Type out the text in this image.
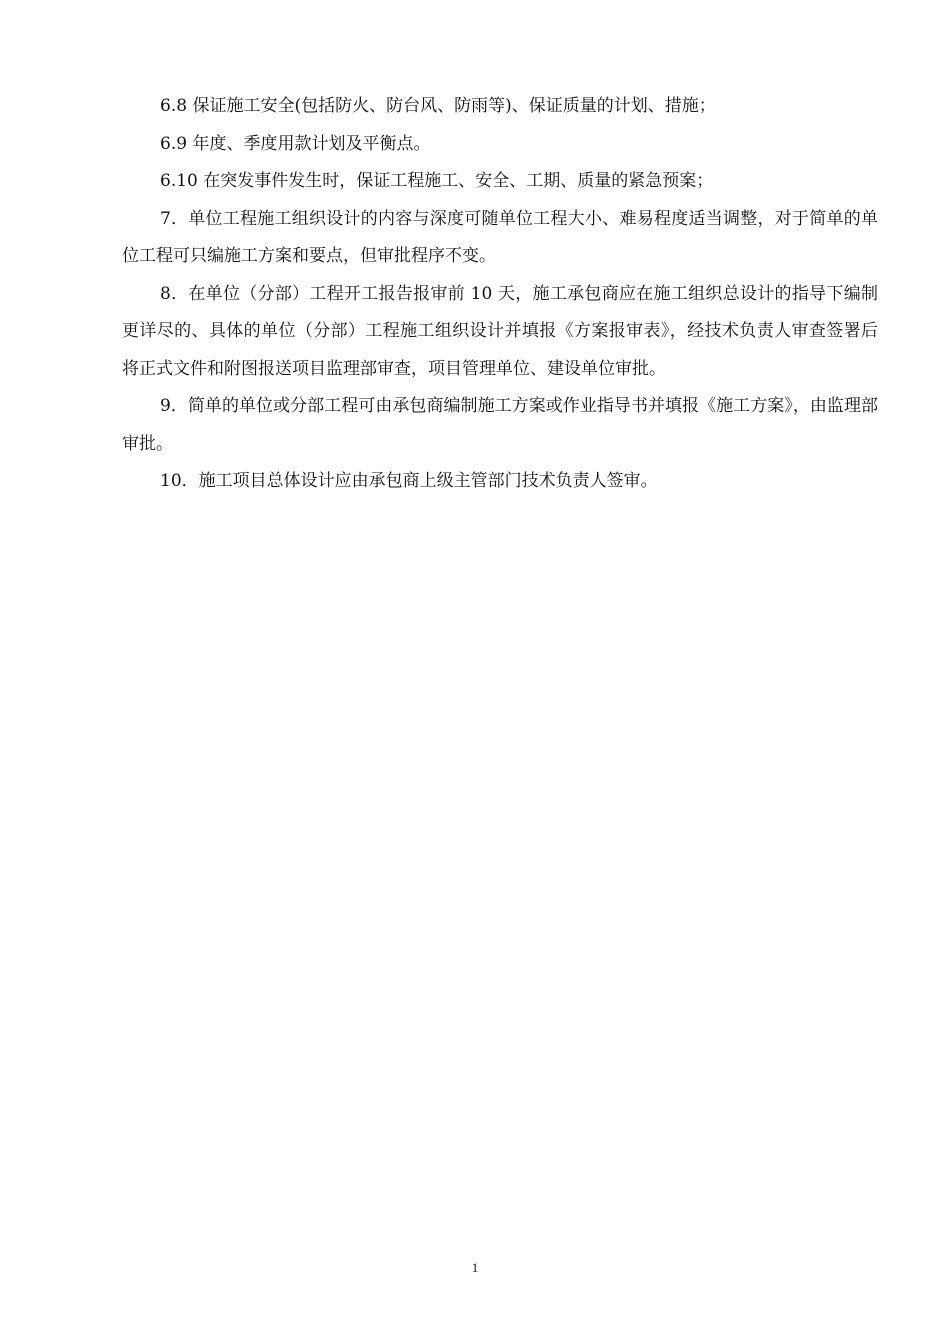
6.8 保证施工安全(包括防火、防台风、防雨等)、保证质量的计划、措施；

6.9 年度、季度用款计划及平衡点。

6.10 在突发事件发生时，保证工程施工、安全、工期、质量的紧急预案；

7．单位工程施工组织设计的内容与深度可随单位工程大小、难易程度适当调整，对于简单的单位工程可只编施工方案和要点，但审批程序不变。

8．在单位（分部）工程开工报告报审前 10 天，施工承包商应在施工组织总设计的指导下编制更详尽的、具体的单位（分部）工程施工组织设计并填报《方案报审表》，经技术负责人审查签署后将正式文件和附图报送项目监理部审查，项目管理单位、建设单位审批。

9．简单的单位或分部工程可由承包商编制施工方案或作业指导书并填报《施工方案》，由监理部审批。

10．施工项目总体设计应由承包商上级主管部门技术负责人签审。

1
